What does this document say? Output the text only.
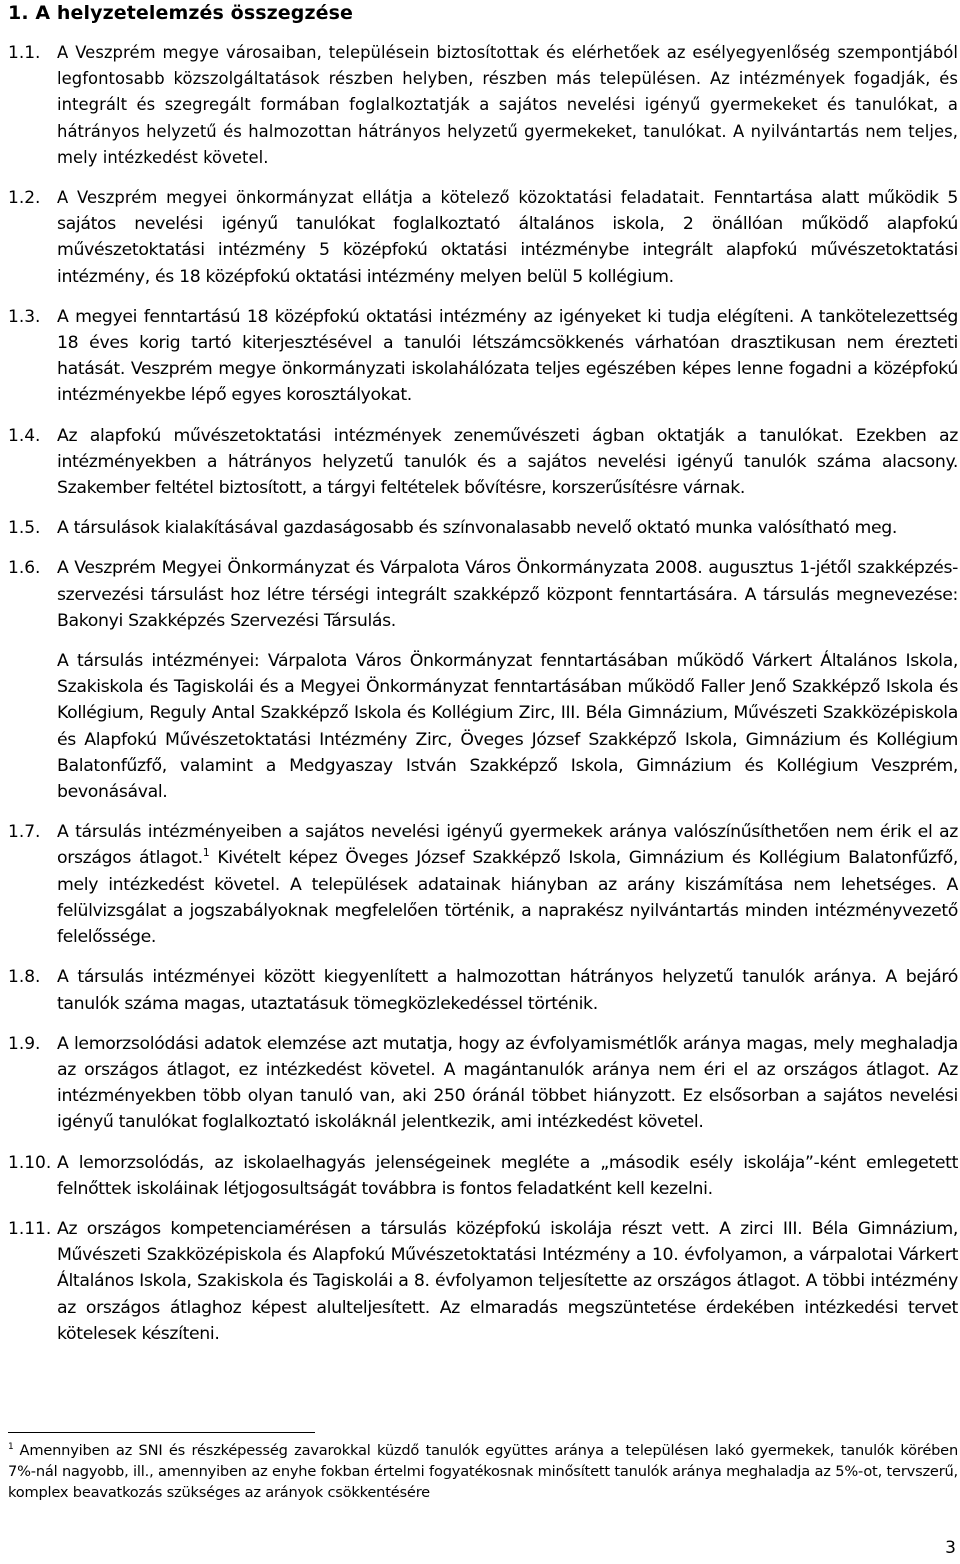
1. A helyzetelemzés összegzése
1.1.	A Veszprém megye városaiban, településein biztosítottak és elérhetőek az esélyegyenlőség szempontjából legfontosabb közszolgáltatások részben helyben, részben más településen. Az intézmények fogadják, és integrált és szegregált formában foglalkoztatják a sajátos nevelési igényű gyermekeket és tanulókat, a hátrányos helyzetű és halmozottan hátrányos helyzetű gyermekeket, tanulókat. A nyilvántartás nem teljes, mely intézkedést követel.

1.2.	A Veszprém megyei önkormányzat ellátja a kötelező közoktatási feladatait. Fenntartása alatt működik 5 sajátos nevelési igényű tanulókat foglalkoztató általános iskola, 2 önállóan működő alapfokú művészetoktatási intézmény 5 középfokú oktatási intézménybe integrált alapfokú művészetoktatási intézmény, és 18 középfokú oktatási intézmény melyen belül 5 kollégium.

1.3. A megyei fenntartású 18 középfokú oktatási intézmény az igényeket ki tudja elégíteni. A tankötelezettség 18 éves korig tartó kiterjesztésével a tanulói létszámcsökkenés várhatóan drasztikusan nem érezteti hatását. Veszprém megye önkormányzati iskolahálózata teljes egészében képes lenne fogadni a középfokú intézményekbe lépő egyes korosztályokat.

1.4. Az alapfokú művészetoktatási intézmények zeneművészeti ágban oktatják a tanulókat. Ezekben az intézményekben a hátrányos helyzetű tanulók és a sajátos nevelési igényű tanulók száma alacsony. Szakember feltétel biztosított, a tárgyi feltételek bővítésre, korszerűsítésre várnak.

1.5. A társulások kialakításával gazdaságosabb és színvonalasabb nevelő oktató munka valósítható meg.

1.6. A Veszprém Megyei Önkormányzat és Várpalota Város Önkormányzata 2008. augusztus 1-jétől szakképzés-szervezési társulást hoz létre térségi integrált szakképző központ fenntartására. A társulás megnevezése: Bakonyi Szakképzés Szervezési Társulás.

A társulás intézményei: Várpalota Város Önkormányzat fenntartásában működő Várkert Általános Iskola, Szakiskola és Tagiskolái és a Megyei Önkormányzat fenntartásában működő Faller Jenő Szakképző Iskola és Kollégium, Reguly Antal Szakképző Iskola és Kollégium Zirc, III. Béla Gimnázium, Művészeti Szakközépiskola és Alapfokú Művészetoktatási Intézmény Zirc, Öveges József Szakképző Iskola, Gimnázium és Kollégium Balatonfűzfő, valamint a Medgyaszay István Szakképző Iskola, Gimnázium és Kollégium Veszprém, bevonásával.

1.7. A társulás intézményeiben a sajátos nevelési igényű gyermekek aránya valószínűsíthetően nem érik el az országos átlagot.$^1$ Kivételt képez Öveges József Szakképző Iskola, Gimnázium és Kollégium Balatonfűzfő, mely intézkedést követel. A települések adatainak hiányban az arány kiszámítása nem lehetséges. A felülvizsgálat a jogszabályoknak megfelelően történik, a naprakész nyilvántartás minden intézményvezető felelőssége.

1.8. A társulás intézményei között kiegyenlített a halmozottan hátrányos helyzetű tanulók aránya. A bejáró tanulók száma magas, utaztatásuk tömegközlekedéssel történik.

1.9. A lemorzsolódási adatok elemzése azt mutatja, hogy az évfolyamismétlők aránya magas, mely meghaladja az országos átlagot, ez intézkedést követel. A magántanulók aránya nem éri el az országos átlagot. Az intézményekben több olyan tanuló van, aki 250 óránál többet hiányzott. Ez elsősorban a sajátos nevelési igényű tanulókat foglalkoztató iskoláknál jelentkezik, ami intézkedést követel.

1.10. A lemorzsolódás, az iskolaelhagyás jelenségeinek megléte a „második esély iskolája”-ként emlegetett felnőttek iskoláinak létjogosultságát továbbra is fontos feladatként kell kezelni.

1.11. Az országos kompetenciamérésen a társulás középfokú iskolája részt vett. A zirci III. Béla Gimnázium, Művészeti Szakközépiskola és Alapfokú Művészetoktatási Intézmény a 10. évfolyamon, a várpalotai Várkert Általános Iskola, Szakiskola és Tagiskolái a 8. évfolyamon teljesítette az országos átlagot. A többi intézmény az országos átlaghoz képest alulteljesített. Az elmaradás megszüntetése érdekében intézkedési tervet kötelesek készíteni.

$^1$ Amennyiben az SNI és részképesség zavarokkal küzdő tanulók együttes aránya a településen lakó gyermekek, tanulók körében 7%-nál nagyobb, ill., amennyiben az enyhe fokban értelmi fogyatékosnak minősített tanulók aránya meghaladja az 5%-ot, tervszerű, komplex beavatkozás szükséges az arányok csökkentésére
3
